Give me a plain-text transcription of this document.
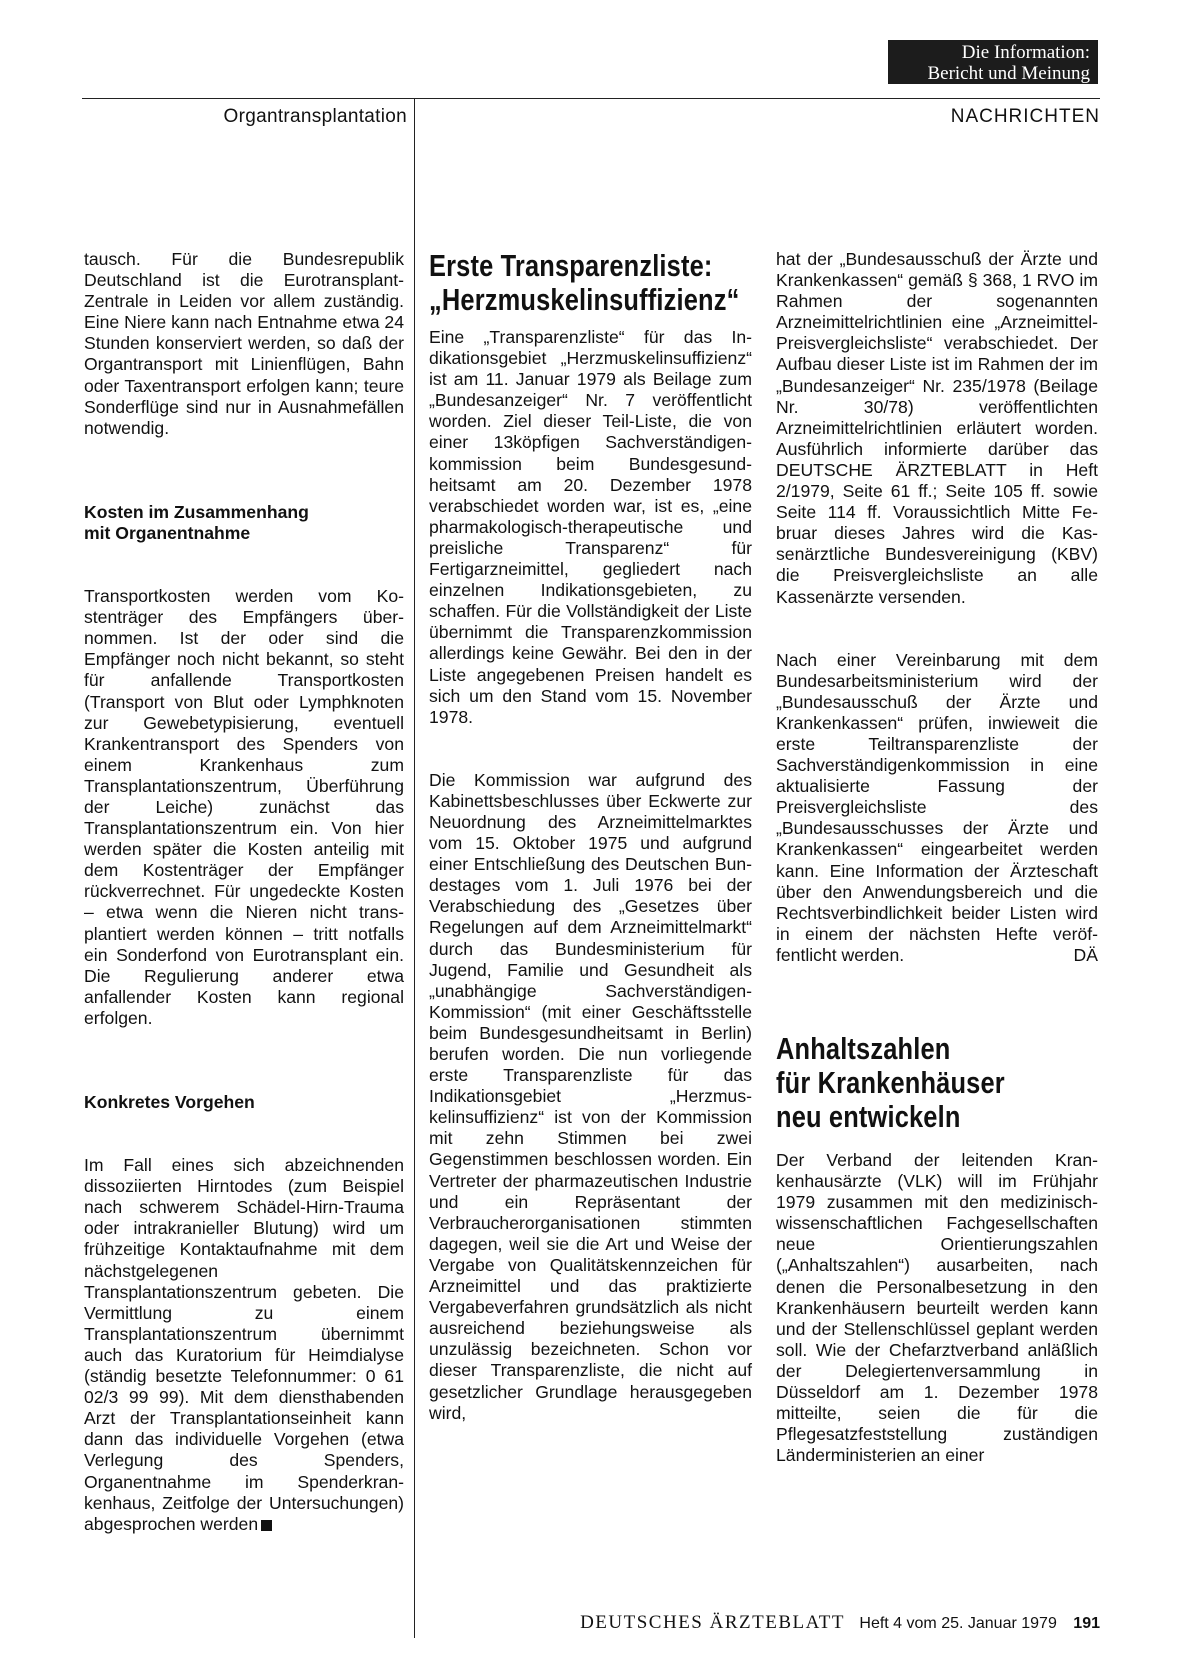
Die Information:
Bericht und Meinung
Organtransplantation	NACHRICHTEN

tausch. Für die Bundesrepublik Deutschland ist die Eurotransplant-Zentrale in Leiden vor allem zuständig. Eine Niere kann nach Entnahme etwa 24 Stunden konserviert werden, so daß der Organtransport mit Linienflügen, Bahn oder Taxentransport erfolgen kann; teure Sonderflüge sind nur in Ausnahmefällen notwendig.

Kosten im Zusammenhang
mit Organentnahme

Transportkosten werden vom Kostenträger des Empfängers übernommen. Ist der oder sind die Empfänger noch nicht bekannt, so steht für anfallende Transportkosten (Transport von Blut oder Lymphknoten zur Gewebetypisierung, eventuell Krankentransport des Spenders von einem Krankenhaus zum Transplantationszentrum, Überführung der Leiche) zunächst das Transplantationszentrum ein. Von hier werden später die Kosten anteilig mit dem Kostenträger der Empfänger rückverrechnet. Für ungedeckte Kosten – etwa wenn die Nieren nicht transplantiert werden können – tritt notfalls ein Sonderfond von Eurotransplant ein. Die Regulierung anderer etwa anfallender Kosten kann regional erfolgen.

Konkretes Vorgehen

Im Fall eines sich abzeichnenden dissoziierten Hirntodes (zum Beispiel nach schwerem Schädel-Hirn-Trauma oder intrakranieller Blutung) wird um frühzeitige Kontaktaufnahme mit dem nächstgelegenen Transplantationszentrum gebeten. Die Vermittlung zu einem Transplantationszentrum übernimmt auch das Kuratorium für Heimdialyse (ständig besetzte Telefonnummer: 0 61 02/3 99 99). Mit dem diensthabenden Arzt der Transplantationseinheit kann dann das individuelle Vorgehen (etwa Verlegung des Spenders, Organentnahme im Spenderkrankenhaus, Zeitfolge der Untersuchungen) abgesprochen werden

Erste Transparenzliste:
„Herzmuskelinsuffizienz“

Eine „Transparenzliste“ für das Indikationsgebiet „Herzmuskelinsuffizienz“ ist am 11. Januar 1979 als Beilage zum „Bundesanzeiger“ Nr. 7 veröffentlicht worden. Ziel dieser Teil-Liste, die von einer 13köpfigen Sachverständigenkommission beim Bundesgesundheitsamt am 20. Dezember 1978 verabschiedet worden war, ist es, „eine pharmakologisch-therapeutische und preisliche Transparenz“ für Fertigarzneimittel, gegliedert nach einzelnen Indikationsgebieten, zu schaffen. Für die Vollständigkeit der Liste übernimmt die Transparenzkommission allerdings keine Gewähr. Bei den in der Liste angegebenen Preisen handelt es sich um den Stand vom 15. November 1978.

Die Kommission war aufgrund des Kabinettsbeschlusses über Eckwerte zur Neuordnung des Arzneimittelmarktes vom 15. Oktober 1975 und aufgrund einer Entschließung des Deutschen Bundestages vom 1. Juli 1976 bei der Verabschiedung des „Gesetzes über Regelungen auf dem Arzneimittelmarkt“ durch das Bundesministerium für Jugend, Familie und Gesundheit als „unabhängige Sachverständigen-Kommission“ (mit einer Geschäftsstelle beim Bundesgesundheitsamt in Berlin) berufen worden. Die nun vorliegende erste Transparenzliste für das Indikationsgebiet „Herzmuskelinsuffizienz“ ist von der Kommission mit zehn Stimmen bei zwei Gegenstimmen beschlossen worden. Ein Vertreter der pharmazeutischen Industrie und ein Repräsentant der Verbraucherorganisationen stimmten dagegen, weil sie die Art und Weise der Vergabe von Qualitätskennzeichen für Arzneimittel und das praktizierte Vergabeverfahren grundsätzlich als nicht ausreichend beziehungsweise als unzulässig bezeichneten. Schon vor dieser Transparenzliste, die nicht auf gesetzlicher Grundlage herausgegeben wird,

hat der „Bundesausschuß der Ärzte und Krankenkassen“ gemäß § 368, 1 RVO im Rahmen der sogenannten Arzneimittelrichtlinien eine „Arzneimittel-Preisvergleichsliste“ verabschiedet. Der Aufbau dieser Liste ist im Rahmen der im „Bundesanzeiger“ Nr. 235/1978 (Beilage Nr. 30/78) veröffentlichten Arzneimittelrichtlinien erläutert worden. Ausführlich informierte darüber das DEUTSCHE ÄRZTEBLATT in Heft 2/1979, Seite 61 ff.; Seite 105 ff. sowie Seite 114 ff. Voraussichtlich Mitte Februar dieses Jahres wird die Kassenärztliche Bundesvereinigung (KBV) die Preisvergleichsliste an alle Kassenärzte versenden.

Nach einer Vereinbarung mit dem Bundesarbeitsministerium wird der „Bundesausschuß der Ärzte und Krankenkassen“ prüfen, inwieweit die erste Teiltransparenzliste der Sachverständigenkommission in eine aktualisierte Fassung der Preisvergleichsliste des „Bundesausschusses der Ärzte und Krankenkassen“ eingearbeitet werden kann. Eine Information der Ärzteschaft über den Anwendungsbereich und die Rechtsverbindlichkeit beider Listen wird in einem der nächsten Hefte veröffentlicht werden.	DÄ

Anhaltszahlen
für Krankenhäuser
neu entwickeln

Der Verband der leitenden Krankenhausärzte (VLK) will im Frühjahr 1979 zusammen mit den medizinisch-wissenschaftlichen Fachgesellschaften neue Orientierungszahlen („Anhaltszahlen“) ausarbeiten, nach denen die Personalbesetzung in den Krankenhäusern beurteilt werden kann und der Stellenschlüssel geplant werden soll. Wie der Chefarztverband anläßlich der Delegiertenversammlung in Düsseldorf am 1. Dezember 1978 mitteilte, seien die für die Pflegesatzfeststellung zuständigen Länderministerien an einer

DEUTSCHES ÄRZTEBLATT Heft 4 vom 25. Januar 1979 191
